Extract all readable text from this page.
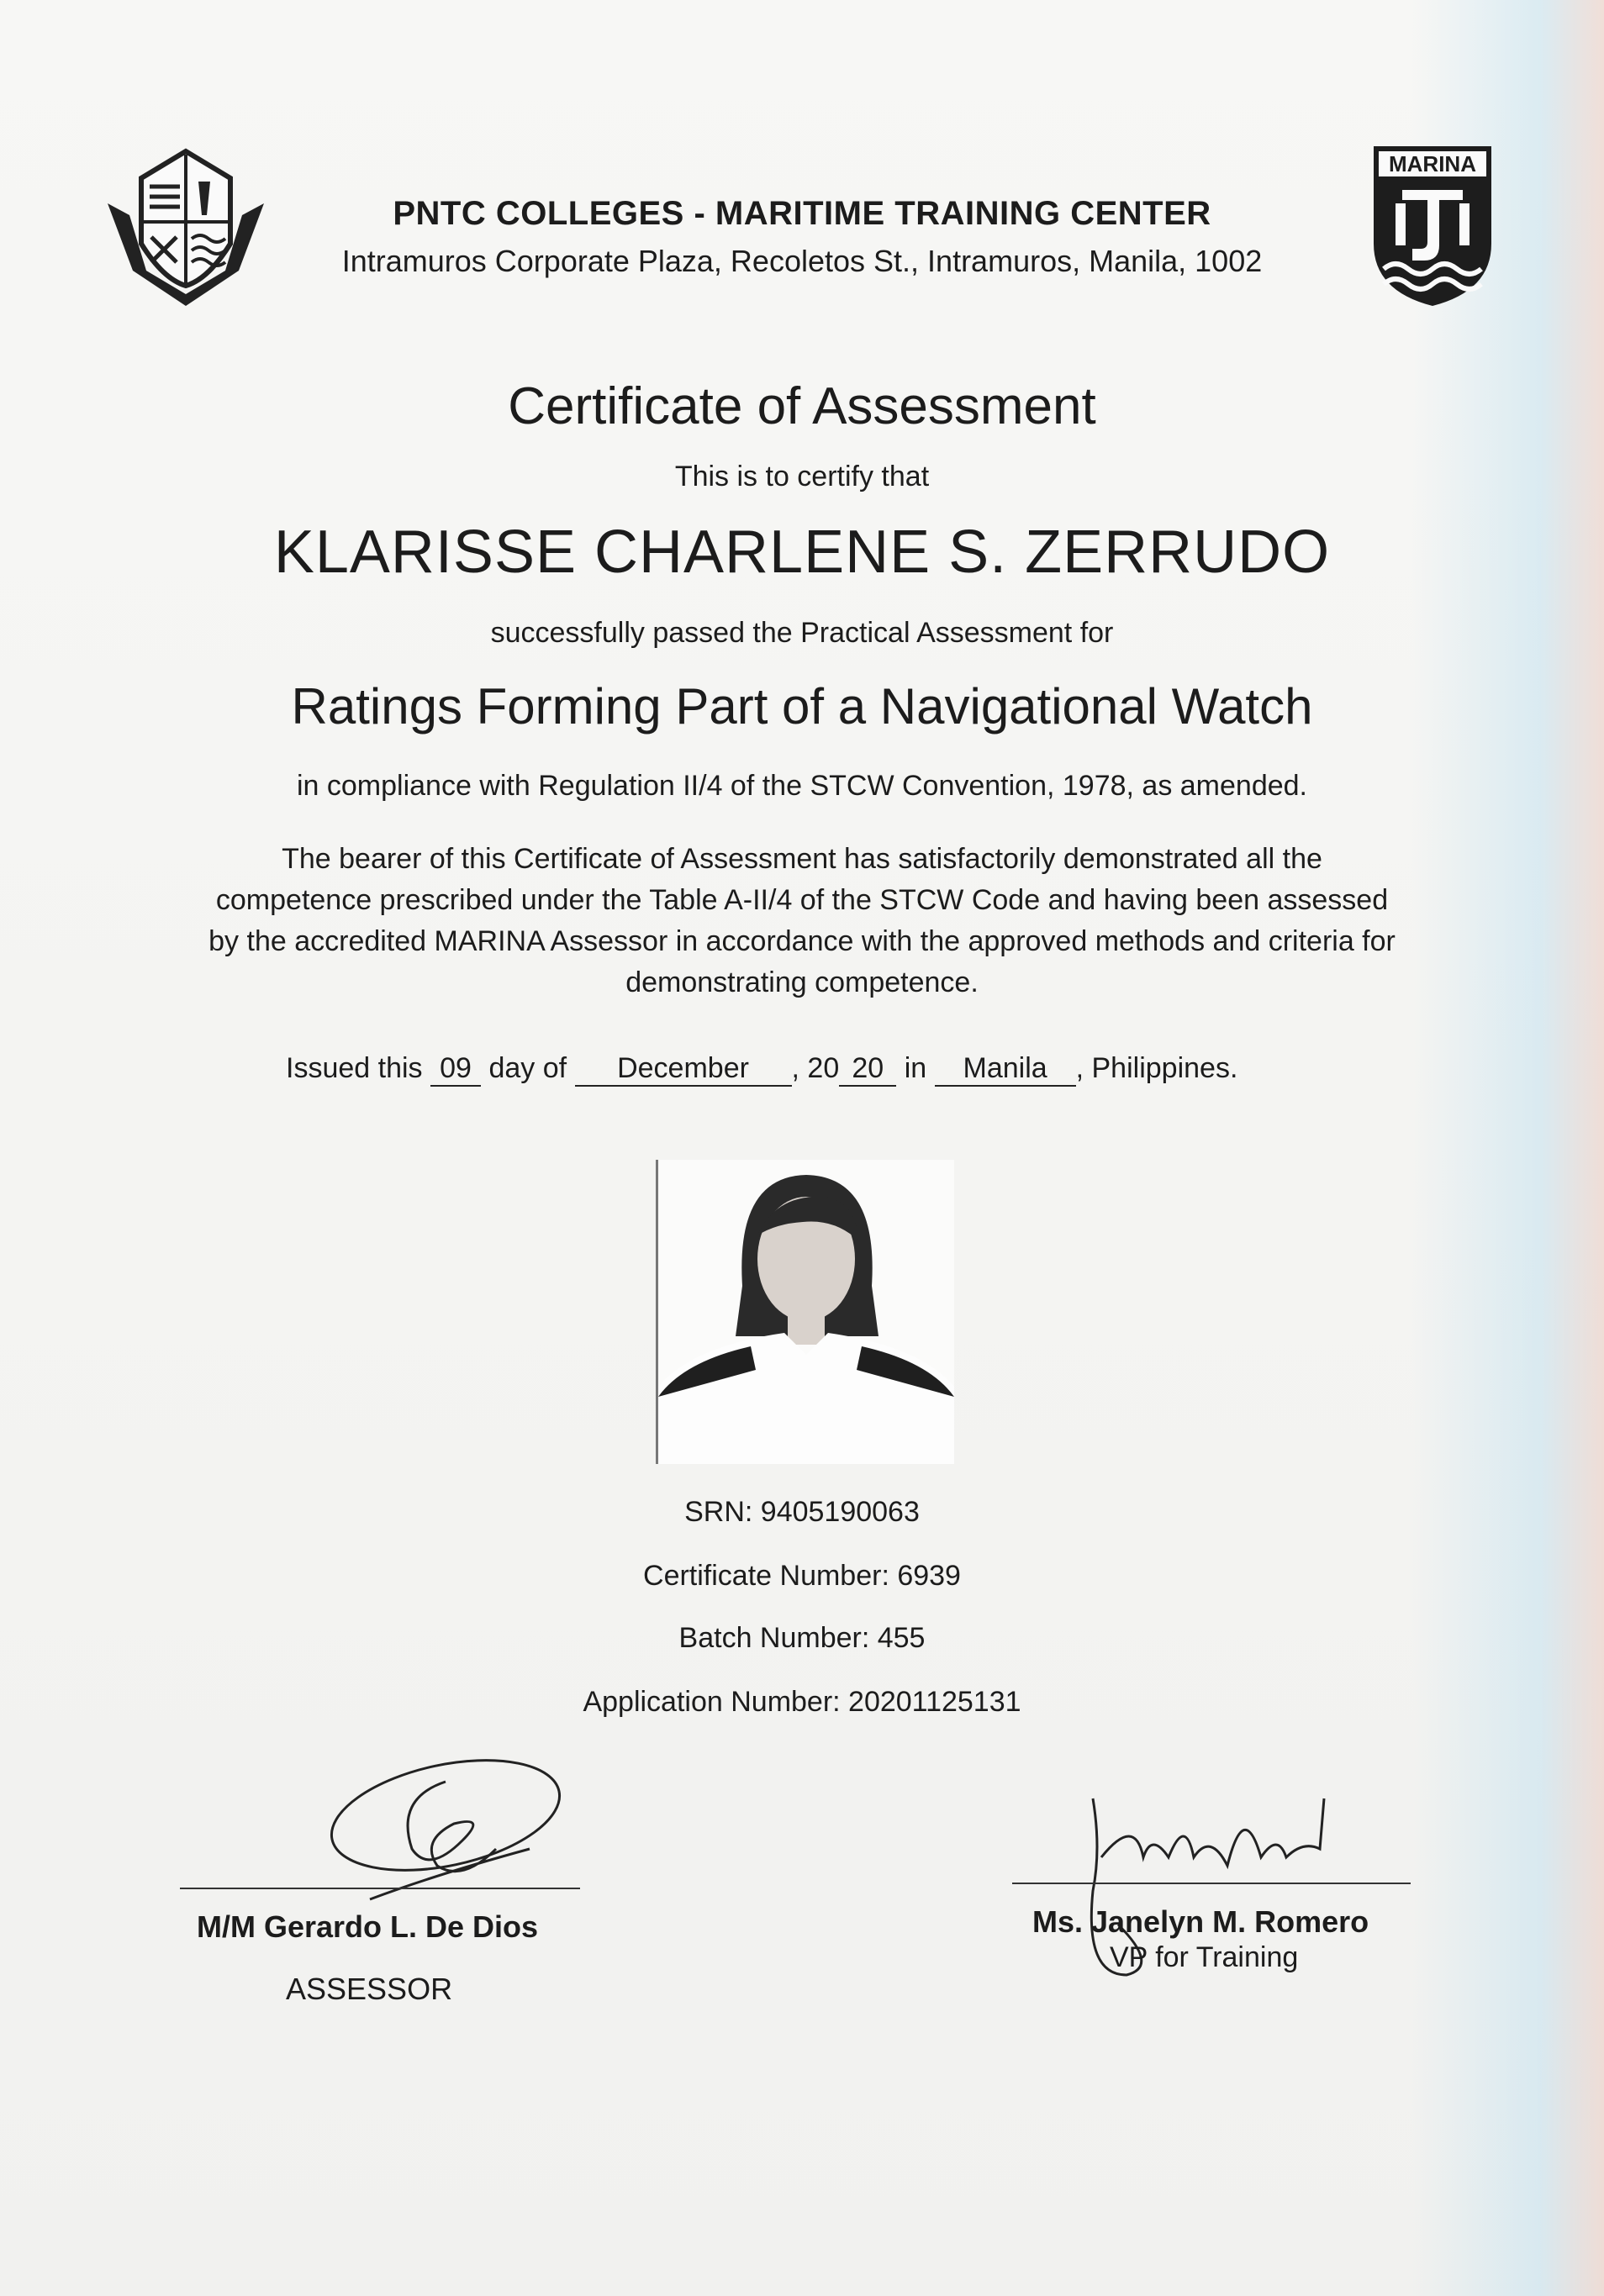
MARINA
PNTC COLLEGES - MARITIME TRAINING CENTER
Intramuros Corporate Plaza, Recoletos St., Intramuros, Manila, 1002
Certificate of Assessment
This is to certify that
KLARISSE CHARLENE S. ZERRUDO
successfully passed the Practical Assessment for
Ratings Forming Part of a Navigational Watch
in compliance with Regulation II/4 of the STCW Convention, 1978, as amended.
The bearer of this Certificate of Assessment has satisfactorily demonstrated all the competence prescribed under the Table A-II/4 of the STCW Code and having been assessed by the accredited MARINA Assessor in accordance with the approved methods and criteria for demonstrating competence.
Issued this 09 day of December , 20 20 in Manila , Philippines.
SRN: 9405190063
Certificate Number: 6939
Batch Number: 455
Application Number: 20201125131
M/M Gerardo L. De Dios
ASSESSOR
Ms. Janelyn M. Romero
VP for Training
